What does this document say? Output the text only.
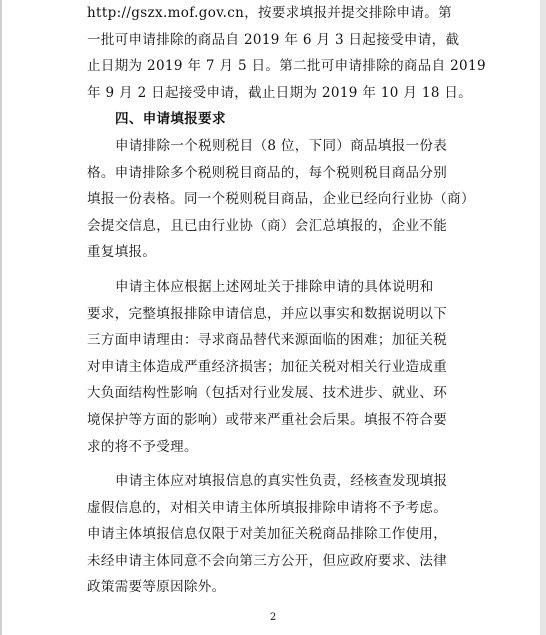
http://gszx.mof.gov.cn，按要求填报并提交排除申请。第
一批可申请排除的商品自 2019 年 6 月 3 日起接受申请，截
止日期为 2019 年 7 月 5 日。第二批可申请排除的商品自 2019
年 9 月 2 日起接受申请，截止日期为 2019 年 10 月 18 日。

四、申请填报要求

申请排除一个税则税目（8 位，下同）商品填报一份表
格。申请排除多个税则税目商品的，每个税则税目商品分别
填报一份表格。同一个税则税目商品，企业已经向行业协（商）
会提交信息，且已由行业协（商）会汇总填报的，企业不能
重复填报。

申请主体应根据上述网址关于排除申请的具体说明和
要求，完整填报排除申请信息，并应以事实和数据说明以下
三方面申请理由：寻求商品替代来源面临的困难；加征关税
对申请主体造成严重经济损害；加征关税对相关行业造成重
大负面结构性影响（包括对行业发展、技术进步、就业、环
境保护等方面的影响）或带来严重社会后果。填报不符合要
求的将不予受理。

申请主体应对填报信息的真实性负责，经核查发现填报
虚假信息的，对相关申请主体所填报排除申请将不予考虑。
申请主体填报信息仅限于对美加征关税商品排除工作使用，
未经申请主体同意不会向第三方公开，但应政府要求、法律
政策需要等原因除外。

2
